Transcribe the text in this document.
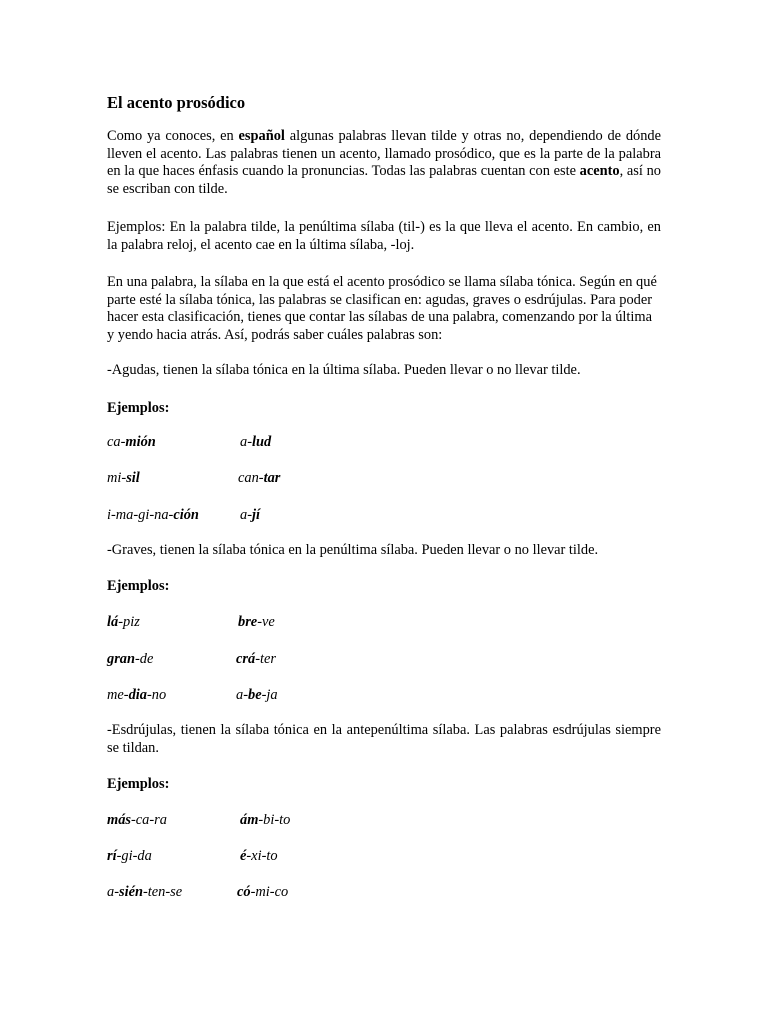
El acento prosódico

Como ya conoces, en español algunas palabras llevan tilde y otras no, dependiendo de dónde lleven el acento. Las palabras tienen un acento, llamado prosódico, que es la parte de la palabra en la que haces énfasis cuando la pronuncias. Todas las palabras cuentan con este acento, así no se escriban con tilde.

Ejemplos: En la palabra tilde, la penúltima sílaba (til-) es la que lleva el acento. En cambio, en la palabra reloj, el acento cae en la última sílaba, -loj.

En una palabra, la sílaba en la que está el acento prosódico se llama sílaba tónica. Según en qué parte esté la sílaba tónica, las palabras se clasifican en: agudas, graves o esdrújulas. Para poder hacer esta clasificación, tienes que contar las sílabas de una palabra, comenzando por la última y yendo hacia atrás. Así, podrás saber cuáles palabras son:

-Agudas, tienen la sílaba tónica en la última sílaba. Pueden llevar o no llevar tilde.

Ejemplos:

ca-mión	a-lud
mi-sil	can-tar
i-ma-gi-na-ción	a-jí

-Graves, tienen la sílaba tónica en la penúltima sílaba. Pueden llevar o no llevar tilde.

Ejemplos:

lá-piz	bre-ve
gran-de	crá-ter
me-dia-no	a-be-ja

-Esdrújulas, tienen la sílaba tónica en la antepenúltima sílaba. Las palabras esdrújulas siempre se tildan.

Ejemplos:

más-ca-ra	ám-bi-to
rí-gi-da	é-xi-to
a-sién-ten-se	có-mi-co
